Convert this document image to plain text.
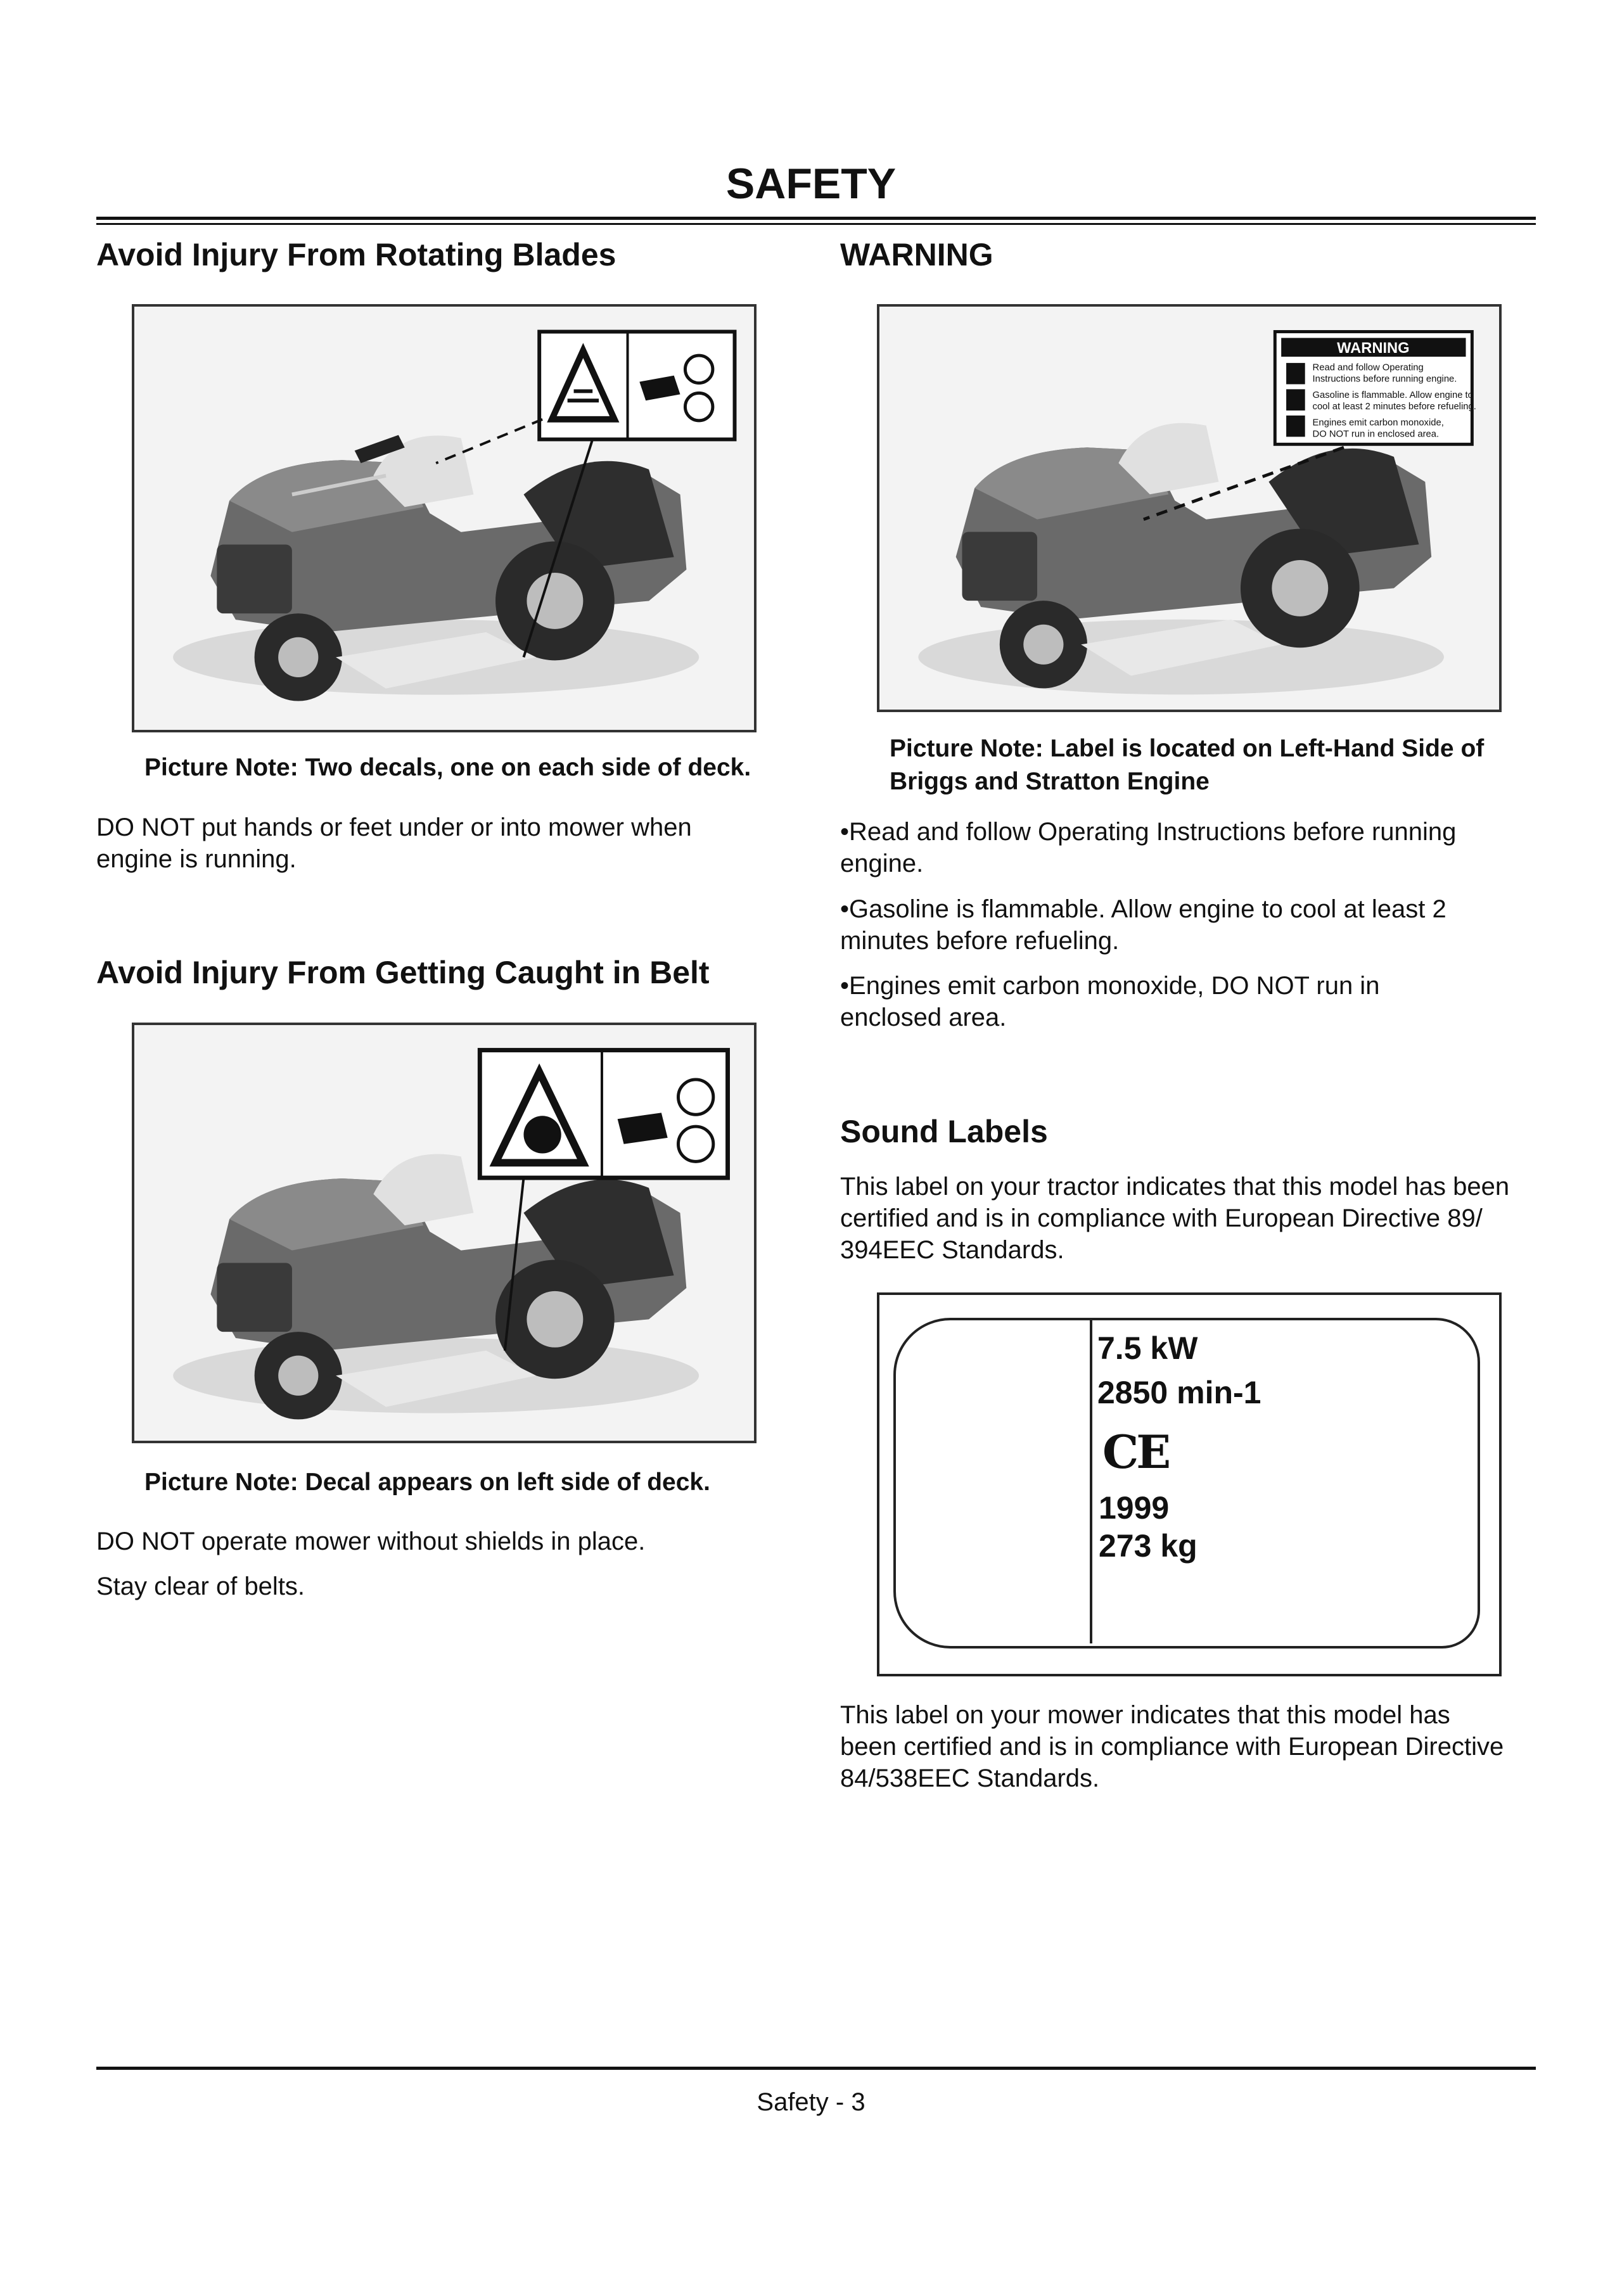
SAFETY
Avoid Injury From Rotating Blades
Picture Note: Two decals, one on each side of deck.
DO NOT put hands or feet under or into mower when engine is running.
Avoid Injury From Getting Caught in Belt
Picture Note: Decal appears on left side of deck.
DO NOT operate mower without shields in place.
Stay clear of belts.
WARNING
WARNING
Read and follow Operating
Instructions before running engine.
Gasoline is flammable. Allow engine to
cool at least 2 minutes before refueling.
Engines emit carbon monoxide,
DO NOT run in enclosed area.
Picture Note: Label is located on Left-Hand Side of
Briggs and Stratton Engine
•Read and follow Operating Instructions before running
engine.
•Gasoline is flammable. Allow engine to cool at least 2
minutes before refueling.
•Engines emit carbon monoxide, DO NOT run in
enclosed area.
Sound Labels
This label on your tractor indicates that this model has been
certified and is in compliance with European Directive 89/
394EEC Standards.
7.5 kW
2850 min-1
CE
1999
273 kg
This label on your mower indicates that this model has
been certified and is in compliance with European Directive
84/538EEC Standards.
Safety - 3
